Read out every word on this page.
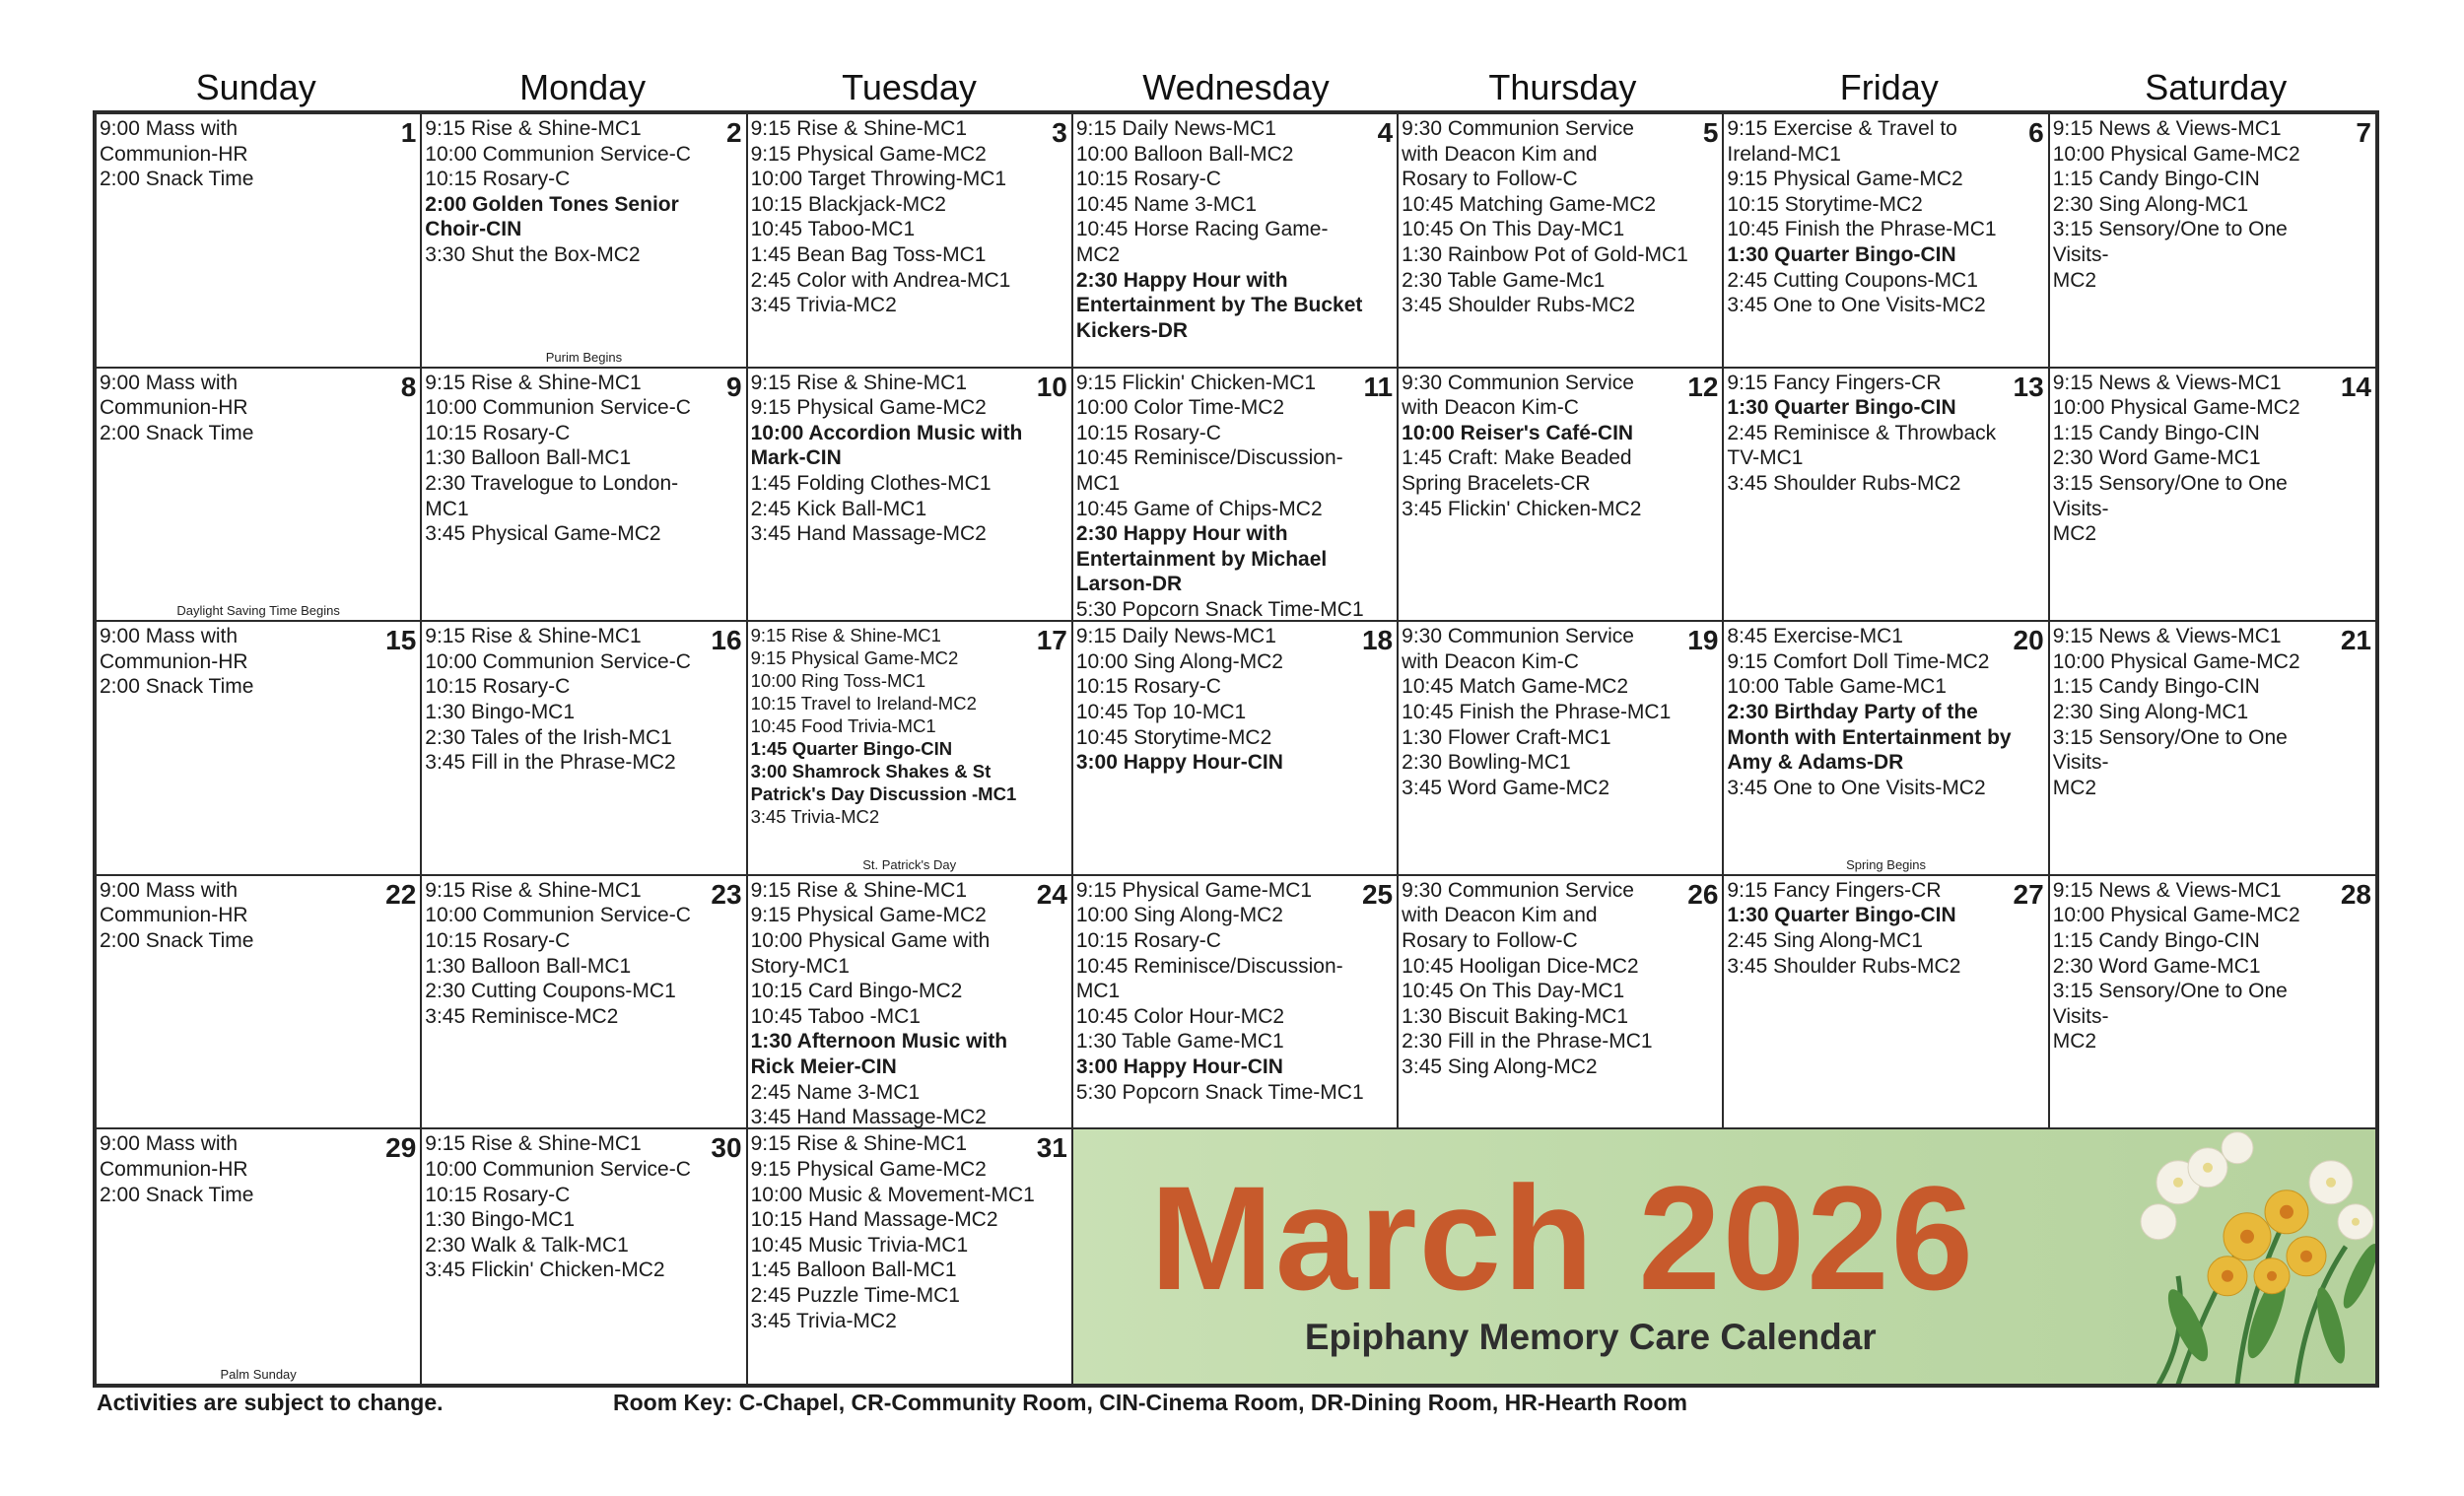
Sunday	Monday	Tuesday	Wednesday	Thursday	Friday	Saturday
1
9:00 Mass with
Communion-HR
2:00 Snack Time
2
9:15 Rise & Shine-MC1
10:00 Communion Service-C
10:15 Rosary-C
2:00 Golden Tones Senior
Choir-CIN
3:30 Shut the Box-MC2
Purim Begins
3
9:15 Rise & Shine-MC1
9:15 Physical Game-MC2
10:00 Target Throwing-MC1
10:15 Blackjack-MC2
10:45 Taboo-MC1
1:45 Bean Bag Toss-MC1
2:45 Color with Andrea-MC1
3:45 Trivia-MC2
4
9:15 Daily News-MC1
10:00 Balloon Ball-MC2
10:15 Rosary-C
10:45 Name 3-MC1
10:45 Horse Racing Game-MC2
2:30 Happy Hour with
Entertainment by The Bucket
Kickers-DR
5
9:30 Communion Service
with Deacon Kim and
Rosary to Follow-C
10:45 Matching Game-MC2
10:45 On This Day-MC1
1:30 Rainbow Pot of Gold-MC1
2:30 Table Game-Mc1
3:45 Shoulder Rubs-MC2
6
9:15 Exercise & Travel to
Ireland-MC1
9:15 Physical Game-MC2
10:15 Storytime-MC2
10:45 Finish the Phrase-MC1
1:30 Quarter Bingo-CIN
2:45 Cutting Coupons-MC1
3:45 One to One Visits-MC2
7
9:15 News & Views-MC1
10:00 Physical Game-MC2
1:15 Candy Bingo-CIN
2:30 Sing Along-MC1
3:15 Sensory/One to One Visits-
MC2
8
9:00 Mass with
Communion-HR
2:00 Snack Time
Daylight Saving Time Begins
9
9:15 Rise & Shine-MC1
10:00 Communion Service-C
10:15 Rosary-C
1:30 Balloon Ball-MC1
2:30 Travelogue to London-MC1
3:45 Physical Game-MC2
10
9:15 Rise & Shine-MC1
9:15 Physical Game-MC2
10:00 Accordion Music with
Mark-CIN
1:45 Folding Clothes-MC1
2:45 Kick Ball-MC1
3:45 Hand Massage-MC2
11
9:15 Flickin' Chicken-MC1
10:00 Color Time-MC2
10:15 Rosary-C
10:45 Reminisce/Discussion-
MC1
10:45 Game of Chips-MC2
2:30 Happy Hour with
Entertainment by Michael
Larson-DR
5:30 Popcorn Snack Time-MC1
12
9:30 Communion Service
with Deacon Kim-C
10:00 Reiser's Café-CIN
1:45 Craft: Make Beaded
Spring Bracelets-CR
3:45 Flickin' Chicken-MC2
13
9:15 Fancy Fingers-CR
1:30 Quarter Bingo-CIN
2:45 Reminisce & Throwback
TV-MC1
3:45 Shoulder Rubs-MC2
14
9:15 News & Views-MC1
10:00 Physical Game-MC2
1:15 Candy Bingo-CIN
2:30 Word Game-MC1
3:15 Sensory/One to One Visits-
MC2
15
9:00 Mass with
Communion-HR
2:00 Snack Time
16
9:15 Rise & Shine-MC1
10:00 Communion Service-C
10:15 Rosary-C
1:30 Bingo-MC1
2:30 Tales of the Irish-MC1
3:45 Fill in the Phrase-MC2
17
9:15 Rise & Shine-MC1
9:15 Physical Game-MC2
10:00 Ring Toss-MC1
10:15 Travel to Ireland-MC2
10:45 Food Trivia-MC1
1:45 Quarter Bingo-CIN
3:00 Shamrock Shakes & St
Patrick's Day Discussion -MC1
3:45 Trivia-MC2
St. Patrick's Day
18
9:15 Daily News-MC1
10:00 Sing Along-MC2
10:15 Rosary-C
10:45 Top 10-MC1
10:45 Storytime-MC2
3:00 Happy Hour-CIN
19
9:30 Communion Service
with Deacon Kim-C
10:45 Match Game-MC2
10:45 Finish the Phrase-MC1
1:30 Flower Craft-MC1
2:30 Bowling-MC1
3:45 Word Game-MC2
20
8:45 Exercise-MC1
9:15 Comfort Doll Time-MC2
10:00 Table Game-MC1
2:30 Birthday Party of the
Month with Entertainment by
Amy & Adams-DR
3:45 One to One Visits-MC2
Spring Begins
21
9:15 News & Views-MC1
10:00 Physical Game-MC2
1:15 Candy Bingo-CIN
2:30 Sing Along-MC1
3:15 Sensory/One to One Visits-
MC2
22
9:00 Mass with
Communion-HR
2:00 Snack Time
23
9:15 Rise & Shine-MC1
10:00 Communion Service-C
10:15 Rosary-C
1:30 Balloon Ball-MC1
2:30 Cutting Coupons-MC1
3:45 Reminisce-MC2
24
9:15 Rise & Shine-MC1
9:15 Physical Game-MC2
10:00 Physical Game with
Story-MC1
10:15 Card Bingo-MC2
10:45 Taboo -MC1
1:30 Afternoon Music with
Rick Meier-CIN
2:45 Name 3-MC1
3:45 Hand Massage-MC2
25
9:15 Physical Game-MC1
10:00 Sing Along-MC2
10:15 Rosary-C
10:45 Reminisce/Discussion-
MC1
10:45 Color Hour-MC2
1:30 Table Game-MC1
3:00 Happy Hour-CIN
5:30 Popcorn Snack Time-MC1
26
9:30 Communion Service
with Deacon Kim and
Rosary to Follow-C
10:45 Hooligan Dice-MC2
10:45 On This Day-MC1
1:30 Biscuit Baking-MC1
2:30 Fill in the Phrase-MC1
3:45 Sing Along-MC2
27
9:15 Fancy Fingers-CR
1:30 Quarter Bingo-CIN
2:45 Sing Along-MC1
3:45 Shoulder Rubs-MC2
28
9:15 News & Views-MC1
10:00 Physical Game-MC2
1:15 Candy Bingo-CIN
2:30 Word Game-MC1
3:15 Sensory/One to One Visits-
MC2
29
9:00 Mass with
Communion-HR
2:00 Snack Time
Palm Sunday
30
9:15 Rise & Shine-MC1
10:00 Communion Service-C
10:15 Rosary-C
1:30 Bingo-MC1
2:30 Walk & Talk-MC1
3:45 Flickin' Chicken-MC2
31
9:15 Rise & Shine-MC1
9:15 Physical Game-MC2
10:00 Music & Movement-MC1
10:15 Hand Massage-MC2
10:45 Music Trivia-MC1
1:45 Balloon Ball-MC1
2:45 Puzzle Time-MC1
3:45 Trivia-MC2	March 2026
Epiphany Memory Care Calendar
Activities are subject to change.	Room Key: C-Chapel, CR-Community Room, CIN-Cinema Room, DR-Dining Room, HR-Hearth Room
